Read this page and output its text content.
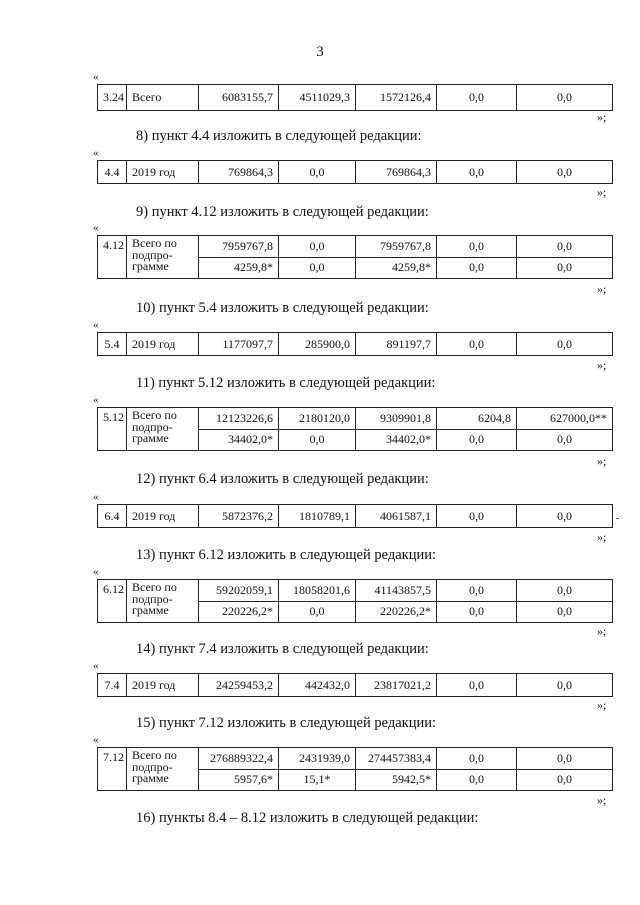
3
«
3.24	Всего	6083155,7	4511029,3	1572126,4	0,0	0,0
»;
8) пункт 4.4 изложить в следующей редакции:
«
4.4	2019 год	769864,3	0,0	769864,3	0,0	0,0
»;
9) пункт 4.12 изложить в следующей редакции:
«
4.12	Всего по подпро-грамме	7959767,8	0,0	7959767,8	0,0	0,0
		4259,8*	0,0	4259,8*	0,0	0,0
»;
10) пункт 5.4 изложить в следующей редакции:
«
5.4	2019 год	1177097,7	285900,0	891197,7	0,0	0,0
»;
11) пункт 5.12 изложить в следующей редакции:
«
5.12	Всего по подпро-грамме	12123226,6	2180120,0	9309901,8	6204,8	627000,0**
		34402,0*	0,0	34402,0*	0,0	0,0
»;
12) пункт 6.4 изложить в следующей редакции:
«
6.4	2019 год	5872376,2	1810789,1	4061587,1	0,0	0,0	-
»;
13) пункт 6.12 изложить в следующей редакции:
«
6.12	Всего по подпро-грамме	59202059,1	18058201,6	41143857,5	0,0	0,0
		220226,2*	0,0	220226,2*	0,0	0,0
»;
14) пункт 7.4 изложить в следующей редакции:
«
7.4	2019 год	24259453,2	442432,0	23817021,2	0,0	0,0
»;
15) пункт 7.12 изложить в следующей редакции:
«
7.12	Всего по подпро-грамме	276889322,4	2431939,0	274457383,4	0,0	0,0
		5957,6*	15,1*	5942,5*	0,0	0,0
»;
16) пункты 8.4 – 8.12 изложить в следующей редакции:
